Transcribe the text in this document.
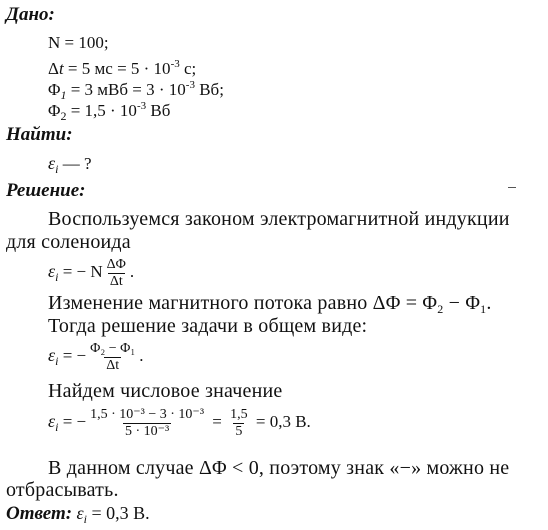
Дано:
N = 100;
Δt = 5 мс = $5 \cdot 10^{-3}$ с;
$\Phi_1 = 3$ мВб = $3 \cdot 10^{-3}$ Вб;
$\Phi_2 = 1,5 \cdot 10^{-3}$ Вб
Найти:
$\varepsilon_i$ — ?
Решение:
Воспользуемся законом электромагнитной индукции
для соленоида
$\varepsilon_i$ = − N $\frac{\Delta\Phi}{\Delta t}$ .
Изменение магнитного потока равно $\Delta\Phi = \Phi_2 - \Phi_1$.
Тогда решение задачи в общем виде:
$\varepsilon_i$ = − $\frac{\text{Φ₂ − Φ₁}}{\Delta t}$ .
Найдем числовое значение
$\varepsilon_i$ = − $\frac{\text{1,5 · 10⁻³ − 3 · 10⁻³}}{\text{5 · 10⁻³}} = \frac{1,5}{5} = 0,3$ В.
В данном случае ΔΦ < 0, поэтому знак «−» можно не
отбрасывать.
Ответ: $\varepsilon_i = 0,3$ В.
